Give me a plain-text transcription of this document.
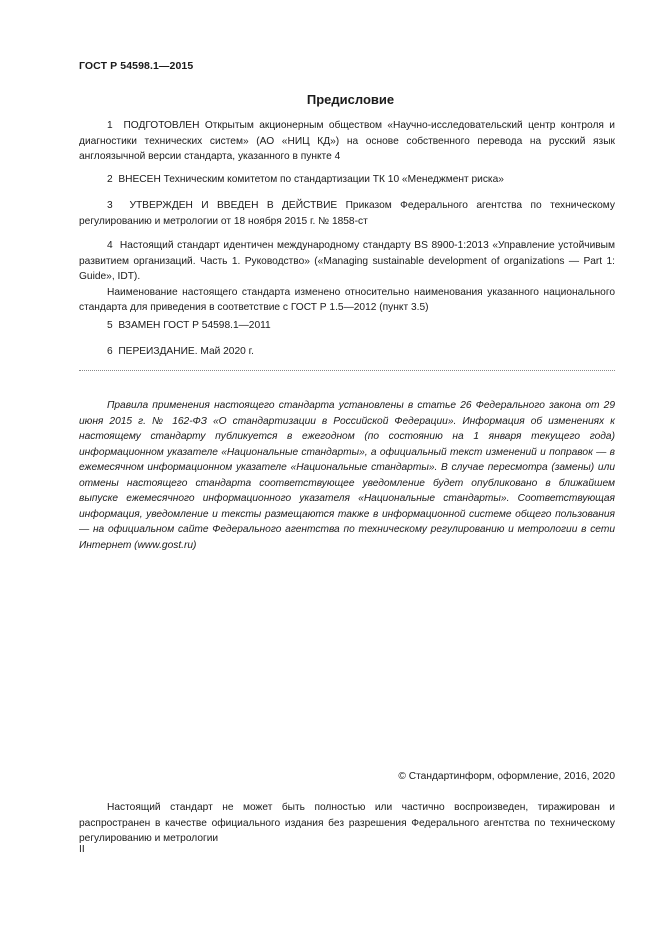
ГОСТ Р 54598.1—2015
Предисловие
1 ПОДГОТОВЛЕН Открытым акционерным обществом «Научно-исследовательский центр контроля и диагностики технических систем» (АО «НИЦ КД») на основе собственного перевода на русский язык англоязычной версии стандарта, указанного в пункте 4
2 ВНЕСЕН Техническим комитетом по стандартизации ТК 10 «Менеджмент риска»
3 УТВЕРЖДЕН И ВВЕДЕН В ДЕЙСТВИЕ Приказом Федерального агентства по техническому регулированию и метрологии от 18 ноября 2015 г. № 1858-ст
4 Настоящий стандарт идентичен международному стандарту BS 8900-1:2013 «Управление устойчивым развитием организаций. Часть 1. Руководство» («Managing sustainable development of organizations — Part 1: Guide», IDT).
Наименование настоящего стандарта изменено относительно наименования указанного национального стандарта для приведения в соответствие с ГОСТ Р 1.5—2012 (пункт 3.5)
5 ВЗАМЕН ГОСТ Р 54598.1—2011
6 ПЕРЕИЗДАНИЕ. Май 2020 г.
Правила применения настоящего стандарта установлены в статье 26 Федерального закона от 29 июня 2015 г. № 162-ФЗ «О стандартизации в Российской Федерации». Информация об изменениях к настоящему стандарту публикуется в ежегодном (по состоянию на 1 января текущего года) информационном указателе «Национальные стандарты», а официальный текст изменений и поправок — в ежемесячном информационном указателе «Национальные стандарты». В случае пересмотра (замены) или отмены настоящего стандарта соответствующее уведомление будет опубликовано в ближайшем выпуске ежемесячного информационного указателя «Национальные стандарты». Соответствующая информация, уведомление и тексты размещаются также в информационной системе общего пользования — на официальном сайте Федерального агентства по техническому регулированию и метрологии в сети Интернет (www.gost.ru)
© Стандартинформ, оформление, 2016, 2020
Настоящий стандарт не может быть полностью или частично воспроизведен, тиражирован и распространен в качестве официального издания без разрешения Федерального агентства по техническому регулированию и метрологии
II
